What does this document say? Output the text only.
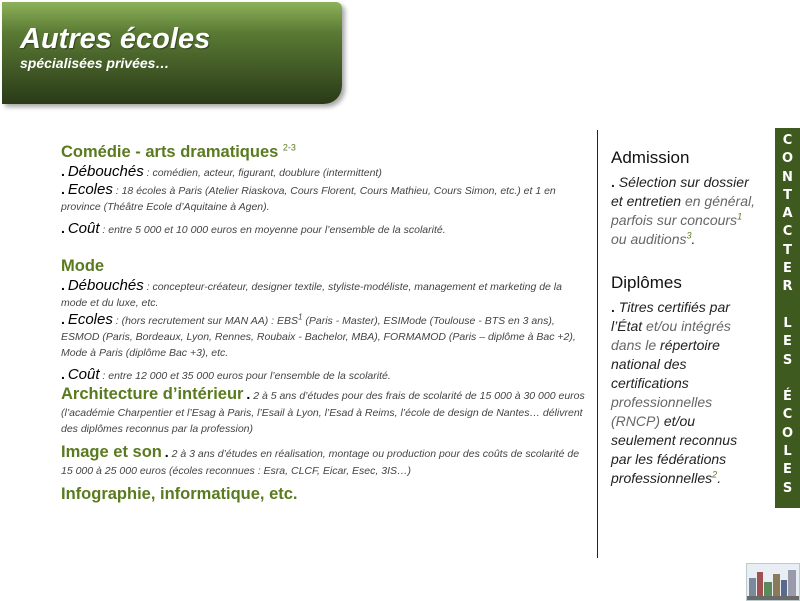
Autres écoles
spécialisées privées…
Comédie - arts dramatiques $^{2-3}$
. Débouchés : comédien, acteur, figurant, doublure (intermittent)
. Ecoles : 18 écoles à Paris (Atelier Riaskova, Cours Florent, Cours Mathieu, Cours Simon, etc.) et 1 en province (Théâtre Ecole d’Aquitaine à Agen).
. Coût : entre 5 000 et 10 000 euros en moyenne pour l’ensemble de la scolarité.
Mode
. Débouchés : concepteur-créateur, designer textile, styliste-modéliste, management et marketing de la mode et du luxe, etc.
. Ecoles : (hors recrutement sur MAN AA) : EBS$^1$ (Paris - Master), ESIMode (Toulouse - BTS en 3 ans), ESMOD (Paris, Bordeaux, Lyon, Rennes, Roubaix - Bachelor, MBA), FORMAMOD (Paris – diplôme à Bac +2), Mode à Paris (diplôme Bac +3), etc.
. Coût : entre 12 000 et 35 000 euros pour l’ensemble de la scolarité.
Architecture d’intérieur . 2 à 5 ans d’études pour des frais de scolarité de 15 000 à 30 000 euros (l’académie Charpentier et l’Esag à Paris, l’Esail à Lyon, l’Esad à Reims, l’école de design de Nantes… délivrent des diplômes reconnus par la profession)
Image et son . 2 à 3 ans d’études en réalisation, montage ou production pour des coûts de scolarité de 15 000 à 25 000 euros (écoles reconnues : Esra, CLCF, Eicar, Esec, 3IS…)
Infographie, informatique, etc.
Admission
. Sélection sur dossier et entretien en général, parfois sur concours$^1$ ou auditions$^3$.
Diplômes
. Titres certifiés par l’État et/ou intégrés dans le répertoire national des certifications professionnelles (RNCP) et/ou seulement reconnus par les fédérations professionnelles$^2$.
C
O
N
T
A
C
T
E
R
L
E
S
É
C
O
L
E
S
